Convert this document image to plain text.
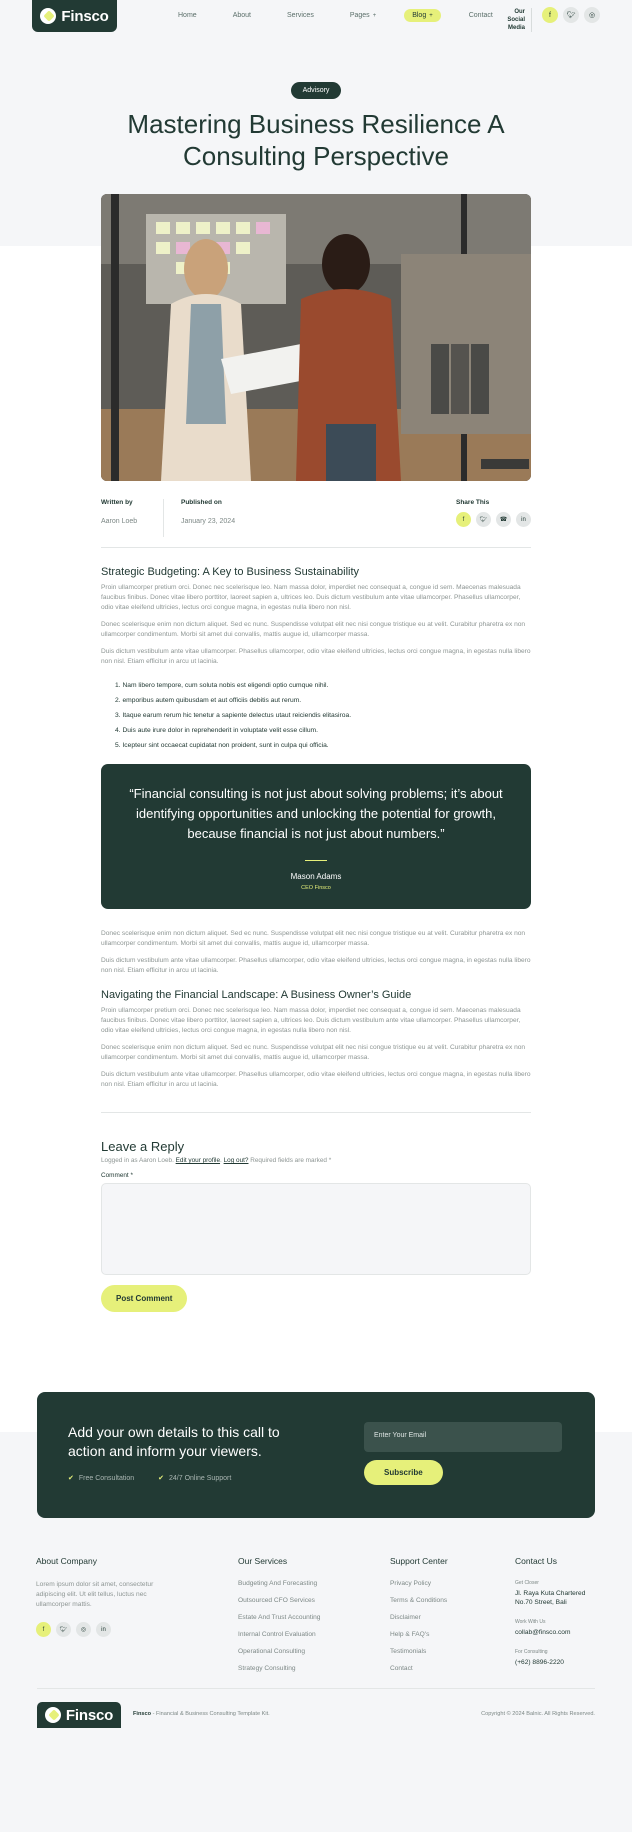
Finsco	Home	About	Services	Pages +	Blog +	Contact	Our Social Media
f	🐦︎	◎
Advisory
Mastering Business Resilience A Consulting Perspective
Written by
Aaron Loeb
Published on
January 23, 2024
Share This
f	🐦︎	☎	in
Strategic Budgeting: A Key to Business Sustainability

Proin ullamcorper pretium orci. Donec nec scelerisque leo. Nam massa dolor, imperdiet nec consequat a, congue id sem. Maecenas malesuada faucibus finibus. Donec vitae libero porttitor, laoreet sapien a, ultrices leo. Duis dictum vestibulum ante vitae ullamcorper. Phasellus ullamcorper, odio vitae eleifend ultricies, lectus orci congue magna, in egestas nulla libero non nisl.

Donec scelerisque enim non dictum aliquet. Sed ec nunc. Suspendisse volutpat elit nec nisi congue tristique eu at velit. Curabitur pharetra ex non ullamcorper condimentum. Morbi sit amet dui convallis, mattis augue id, ullamcorper massa.

Duis dictum vestibulum ante vitae ullamcorper. Phasellus ullamcorper, odio vitae eleifend ultricies, lectus orci congue magna, in egestas nulla libero non nisl. Etiam efficitur in arcu ut lacinia.

Nam libero tempore, cum soluta nobis est eligendi optio cumque nihil.
emporibus autem quibusdam et aut officiis debitis aut rerum.
Itaque earum rerum hic tenetur a sapiente delectus utaut reiciendis elitasiroa.
Duis aute irure dolor in reprehenderit in voluptate velit esse cillum.
Icepteur sint occaecat cupidatat non proident, sunt in culpa qui officia.
“Financial consulting is not just about solving problems; it’s about identifying opportunities and unlocking the potential for growth, because financial is not just about numbers.”
Mason Adams
CEO Finsco

Donec scelerisque enim non dictum aliquet. Sed ec nunc. Suspendisse volutpat elit nec nisi congue tristique eu at velit. Curabitur pharetra ex non ullamcorper condimentum. Morbi sit amet dui convallis, mattis augue id, ullamcorper massa.

Duis dictum vestibulum ante vitae ullamcorper. Phasellus ullamcorper, odio vitae eleifend ultricies, lectus orci congue magna, in egestas nulla libero non nisl. Etiam efficitur in arcu ut lacinia.

Navigating the Financial Landscape: A Business Owner’s Guide

Proin ullamcorper pretium orci. Donec nec scelerisque leo. Nam massa dolor, imperdiet nec consequat a, congue id sem. Maecenas malesuada faucibus finibus. Donec vitae libero porttitor, laoreet sapien a, ultrices leo. Duis dictum vestibulum ante vitae ullamcorper. Phasellus ullamcorper, odio vitae eleifend ultricies, lectus orci congue magna, in egestas nulla libero non nisl.

Donec scelerisque enim non dictum aliquet. Sed ec nunc. Suspendisse volutpat elit nec nisi congue tristique eu at velit. Curabitur pharetra ex non ullamcorper condimentum. Morbi sit amet dui convallis, mattis augue id, ullamcorper massa.

Duis dictum vestibulum ante vitae ullamcorper. Phasellus ullamcorper, odio vitae eleifend ultricies, lectus orci congue magna, in egestas nulla libero non nisl. Etiam efficitur in arcu ut lacinia.

Leave a Reply
Logged in as Aaron Loeb. Edit your profile. Log out? Required fields are marked *
Comment *
Post Comment
Add your own details to this call to action and inform your viewers.
✔ Free Consultation	✔ 24/7 Online Support
Enter Your Email
Subscribe
About Company
Lorem ipsum dolor sit amet, consectetur adipiscing elit. Ut elit tellus, luctus nec ullamcorper mattis.
f	🐦︎	◎	in
Our Services
Budgeting And Forecasting
Outsourced CFO Services
Estate And Trust Accounting
Internal Control Evaluation
Operational Consulting
Strategy Consulting
Support Center
Privacy Policy
Terms & Conditions
Disclaimer
Help & FAQ's
Testimonials
Contact
Contact Us
Get Closer
Jl. Raya Kuta Chartered No.70 Street, Bali
Work With Us
collab@finsco.com
For Consulting
(+62) 8896-2220
Finsco	Finsco - Financial & Business Consulting Template Kit.	Copyright © 2024 Balnic. All Rights Reserved.
